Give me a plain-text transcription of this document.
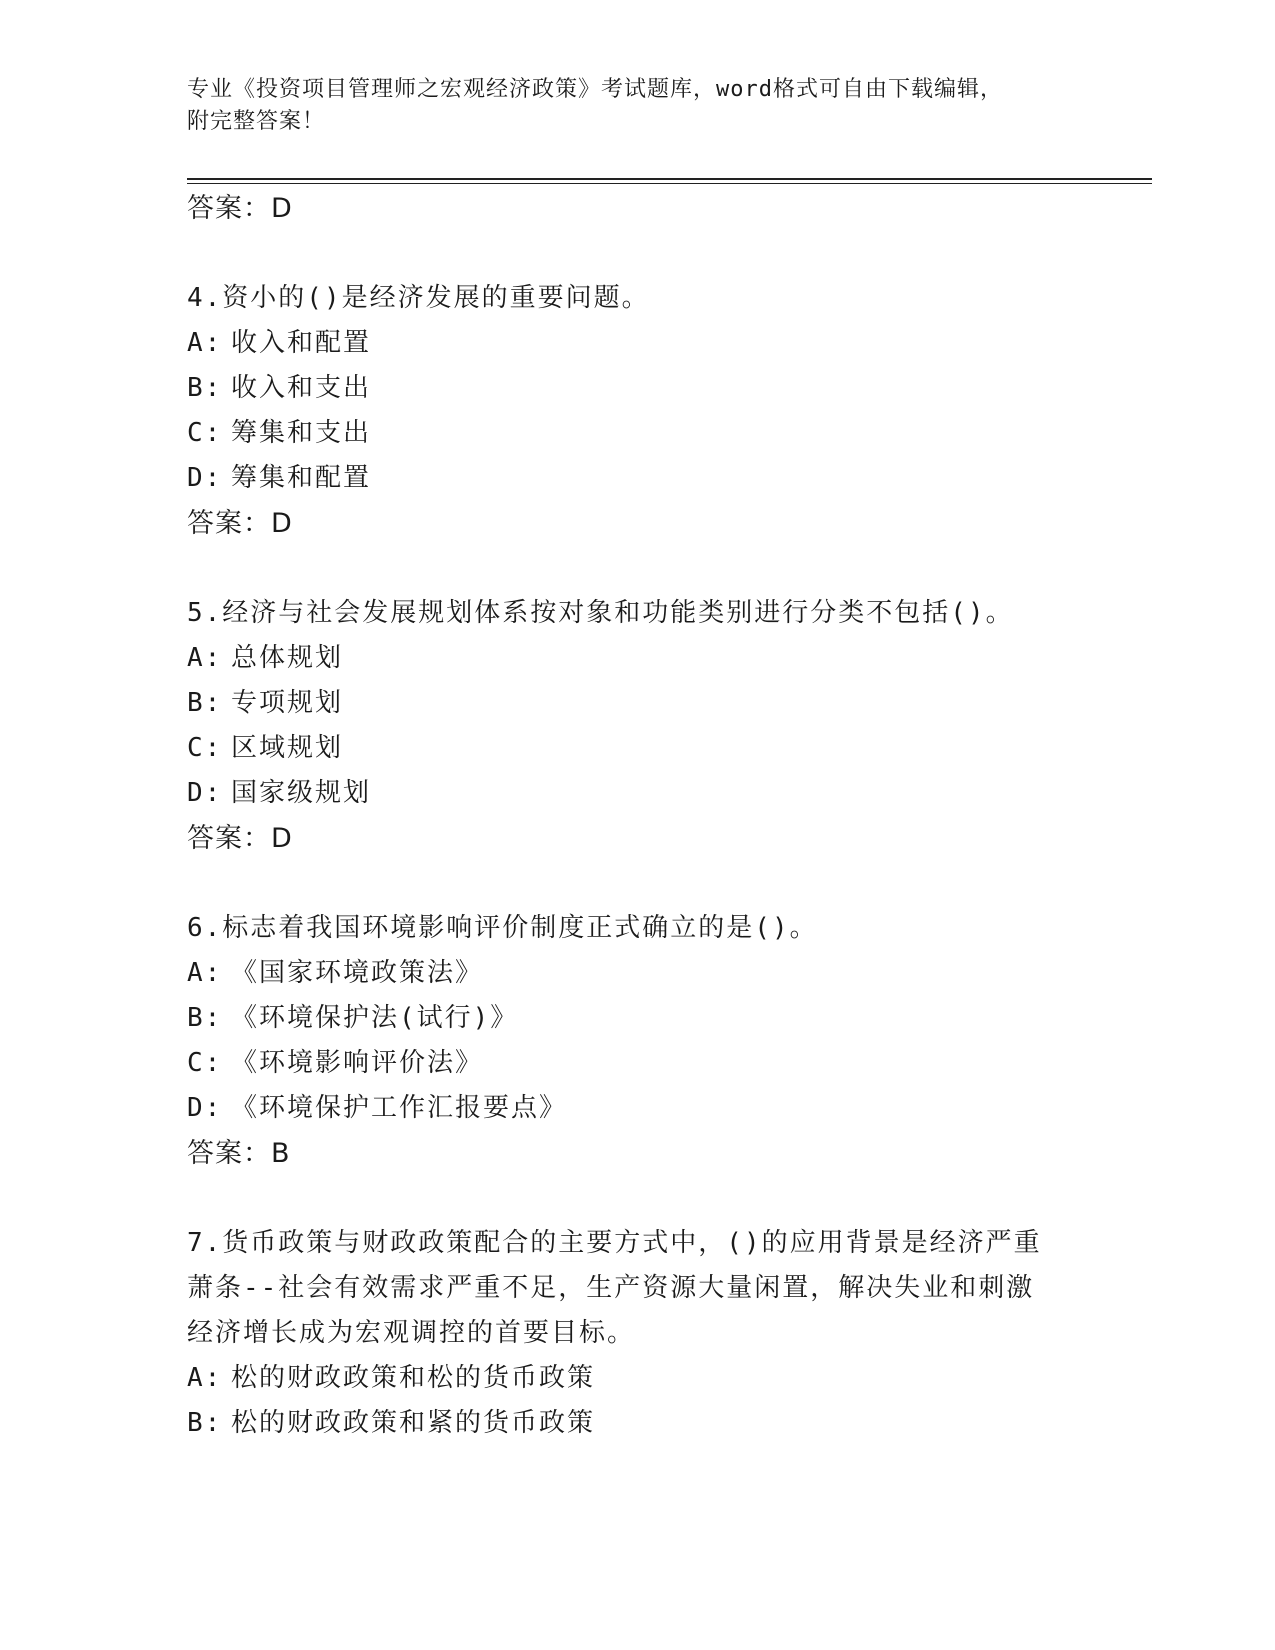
专业《投资项目管理师之宏观经济政策》考试题库，word格式可自由下载编辑，
附完整答案！
答案：D
4.资小的()是经济发展的重要问题。
A: 收入和配置
B: 收入和支出
C: 筹集和支出
D: 筹集和配置
答案：D
5.经济与社会发展规划体系按对象和功能类别进行分类不包括()。
A: 总体规划
B: 专项规划
C: 区域规划
D: 国家级规划
答案：D
6.标志着我国环境影响评价制度正式确立的是()。
A: 《国家环境政策法》
B: 《环境保护法(试行)》
C: 《环境影响评价法》
D: 《环境保护工作汇报要点》
答案：B
7.货币政策与财政政策配合的主要方式中，()的应用背景是经济严重
萧条--社会有效需求严重不足，生产资源大量闲置，解决失业和刺激
经济增长成为宏观调控的首要目标。
A: 松的财政政策和松的货币政策
B: 松的财政政策和紧的货币政策
